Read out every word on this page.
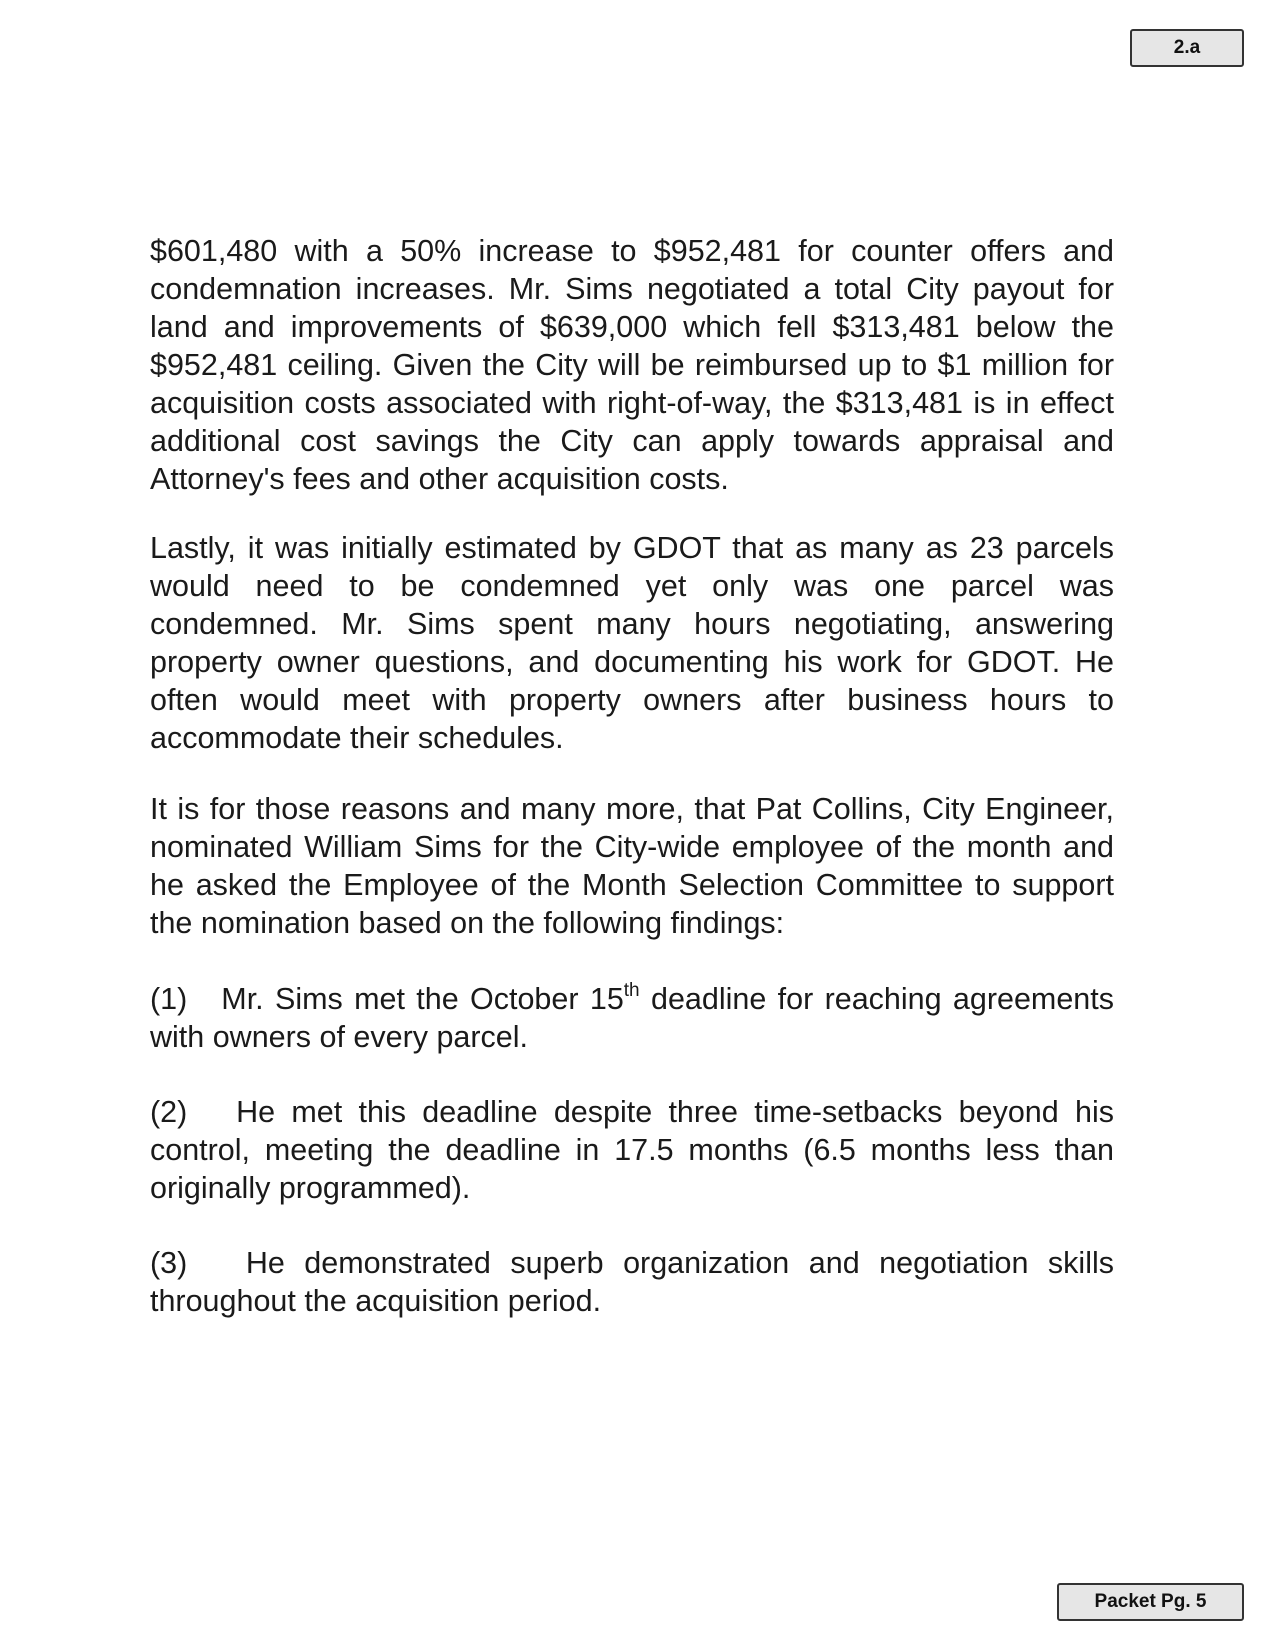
2.a

$601,480 with a 50% increase to $952,481 for counter offers and condemnation increases. Mr. Sims negotiated a total City payout for land and improvements of $639,000 which fell $313,481 below the $952,481 ceiling. Given the City will be reimbursed up to $1 million for acquisition costs associated with right-of-way, the $313,481 is in effect additional cost savings the City can apply towards appraisal and Attorney's fees and other acquisition costs.

Lastly, it was initially estimated by GDOT that as many as 23 parcels would need to be condemned yet only was one parcel was condemned. Mr. Sims spent many hours negotiating, answering property owner questions, and documenting his work for GDOT. He often would meet with property owners after business hours to accommodate their schedules.

It is for those reasons and many more, that Pat Collins, City Engineer, nominated William Sims for the City-wide employee of the month and he asked the Employee of the Month Selection Committee to support the nomination based on the following findings:

(1) Mr. Sims met the October 15th deadline for reaching agreements with owners of every parcel.

(2) He met this deadline despite three time-setbacks beyond his control, meeting the deadline in 17.5 months (6.5 months less than originally programmed).

(3) He demonstrated superb organization and negotiation skills throughout the acquisition period.

Packet Pg. 5
